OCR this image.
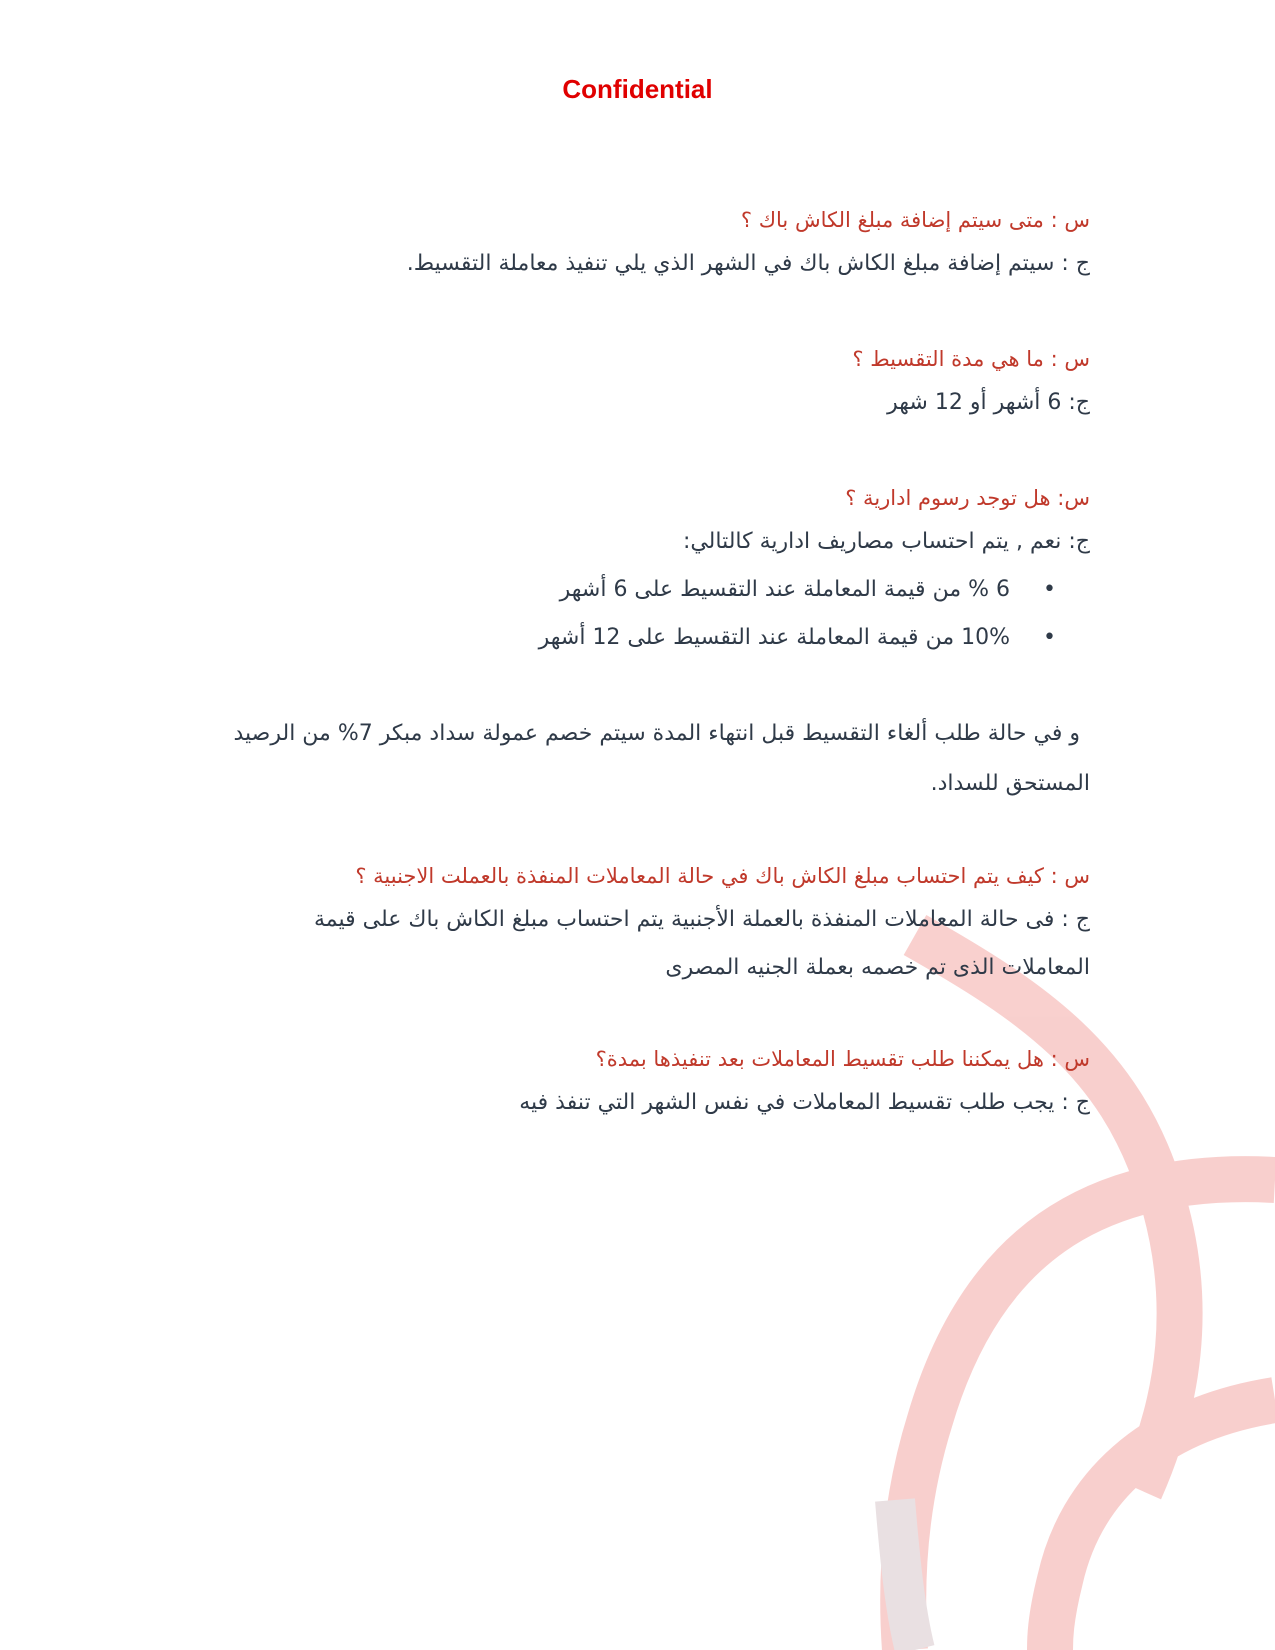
Confidential

س : متى سيتم إضافة مبلغ الكاش باك ؟

ج : سيتم إضافة مبلغ الكاش باك في الشهر الذي يلي تنفيذ معاملة التقسيط.

س : ما هي مدة التقسيط ؟

ج: 6 أشهر أو 12 شهر

س: هل توجد رسوم ادارية ؟

ج: نعم , يتم احتساب مصاريف ادارية كالتالي:

•
6 % من قيمة المعاملة عند التقسيط على 6 أشهر
•
10% من قيمة المعاملة عند التقسيط على 12 أشهر

و في حالة طلب ألغاء التقسيط قبل انتهاء المدة سيتم خصم عمولة سداد مبكر 7% من الرصيد

المستحق للسداد.

س : كيف يتم احتساب مبلغ الكاش باك في حالة المعاملات المنفذة بالعملت الاجنبية ؟

ج : فى حالة المعاملات المنفذة بالعملة الأجنبية يتم احتساب مبلغ الكاش باك على قيمة

المعاملات الذى تم خصمه بعملة الجنيه المصرى

س : هل يمكننا طلب تقسيط المعاملات بعد تنفيذها بمدة؟

ج : يجب طلب تقسيط المعاملات في نفس الشهر التي تنفذ فيه
